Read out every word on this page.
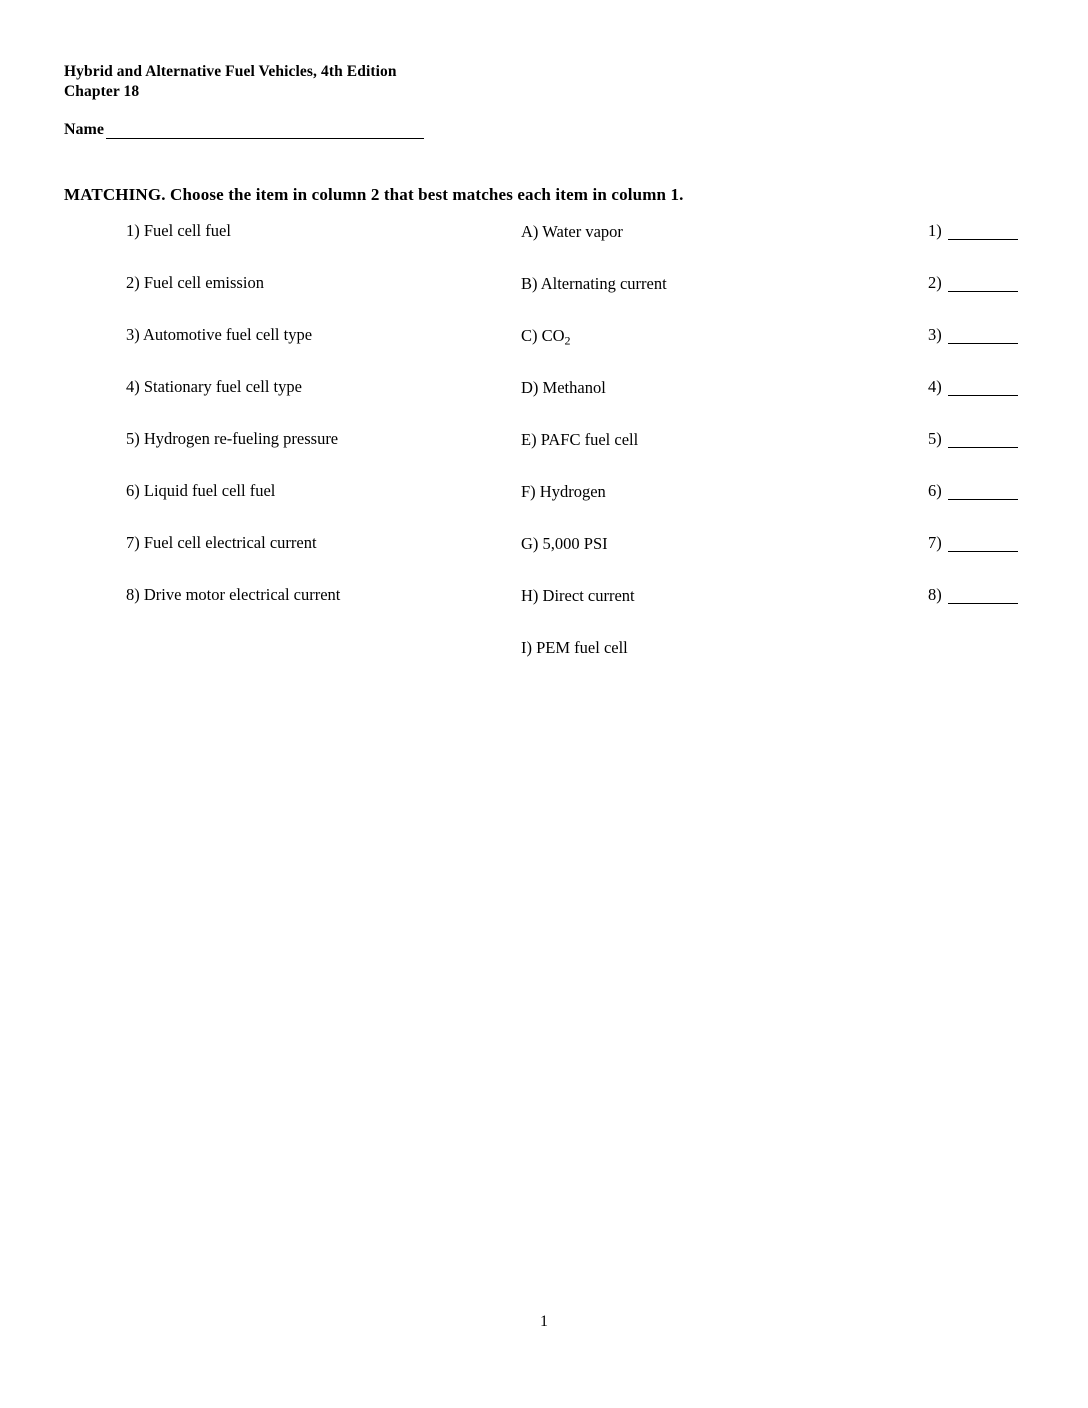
Hybrid and Alternative Fuel Vehicles, 4th Edition
Chapter 18
Name
MATCHING. Choose the item in column 2 that best matches each item in column 1.
1) Fuel cell fuel
2) Fuel cell emission
3) Automotive fuel cell type
4) Stationary fuel cell type
5) Hydrogen re-fueling pressure
6) Liquid fuel cell fuel
7) Fuel cell electrical current
8) Drive motor electrical current
A) Water vapor
B) Alternating current
C) $CO_2$
D) Methanol
E) PAFC fuel cell
F) Hydrogen
G) 5,000 PSI
H) Direct current
I) PEM fuel cell
1)
2)
3)
4)
5)
6)
7)
8)
1
